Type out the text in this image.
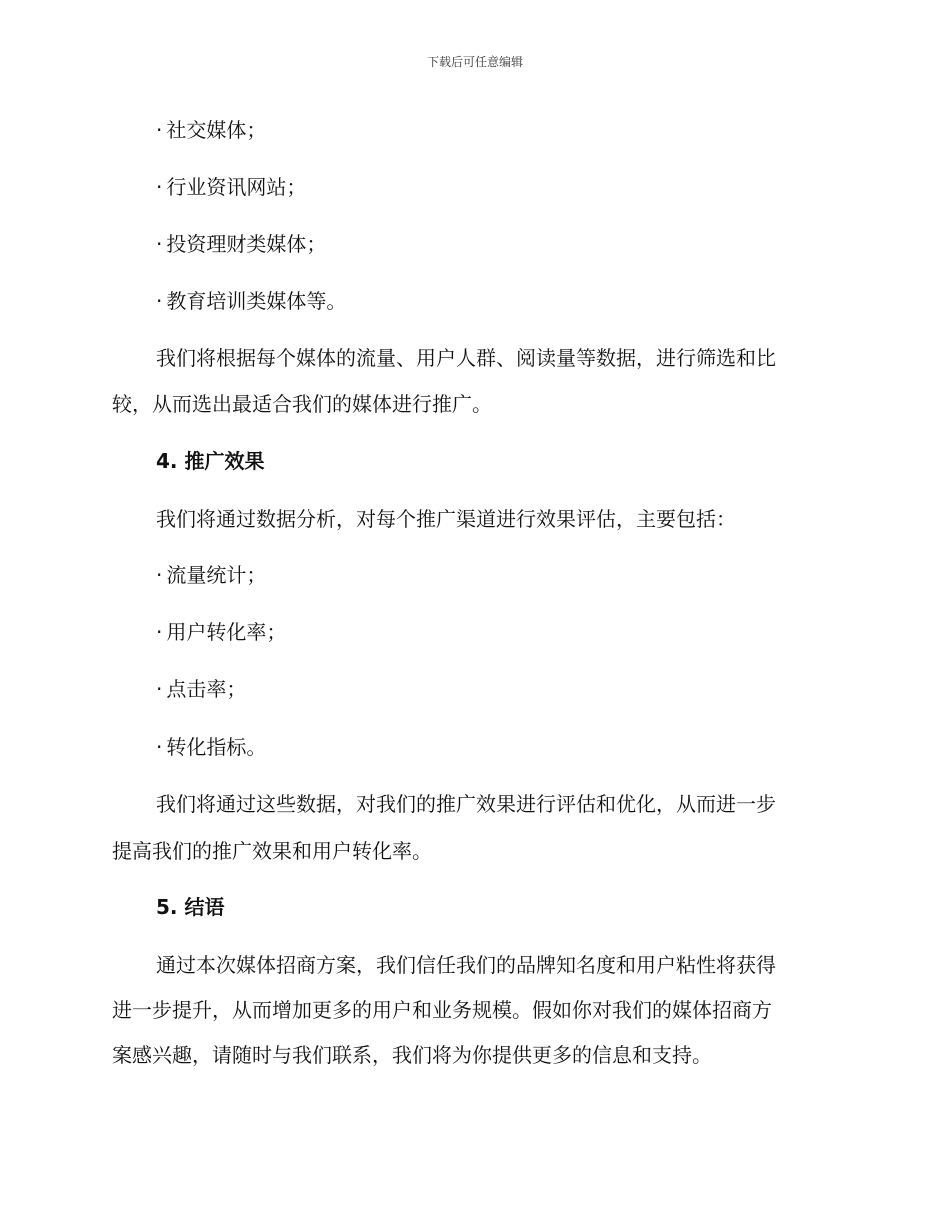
下载后可任意编辑
· 社交媒体；
· 行业资讯网站；
· 投资理财类媒体；
· 教育培训类媒体等。
我们将根据每个媒体的流量、用户人群、阅读量等数据，进行筛选和比
较，从而选出最适合我们的媒体进行推广。
4. 推广效果
我们将通过数据分析，对每个推广渠道进行效果评估，主要包括：
· 流量统计；
· 用户转化率；
· 点击率；
· 转化指标。
我们将通过这些数据，对我们的推广效果进行评估和优化，从而进一步
提高我们的推广效果和用户转化率。
5. 结语
通过本次媒体招商方案，我们信任我们的品牌知名度和用户粘性将获得
进一步提升，从而增加更多的用户和业务规模。假如你对我们的媒体招商方
案感兴趣，请随时与我们联系，我们将为你提供更多的信息和支持。
